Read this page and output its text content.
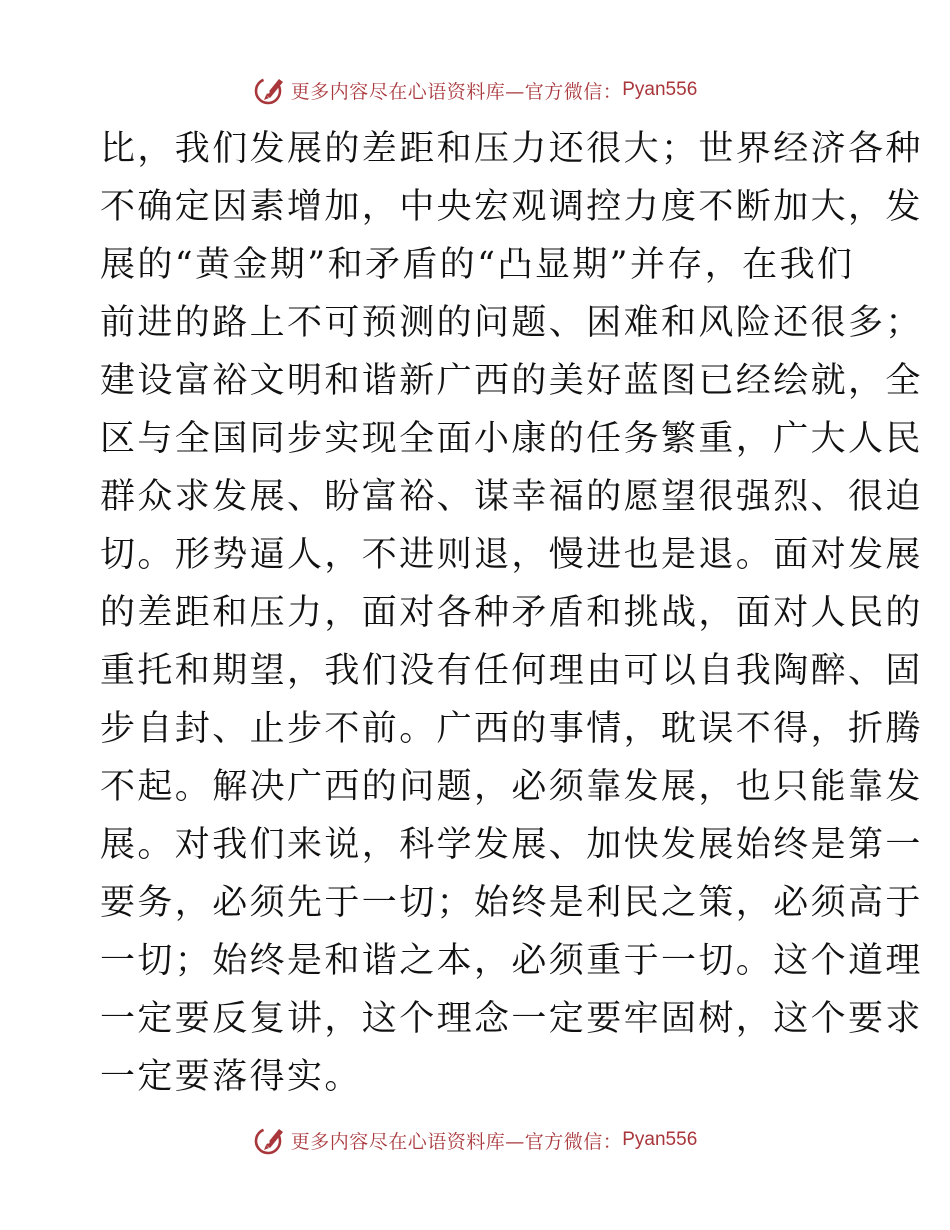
更多内容尽在心语资料库—官方微信： Pyan556
比，我们发展的差距和压力还很大；世界经济各种
不确定因素增加，中央宏观调控力度不断加大，发
展的“黄金期”和矛盾的“凸显期”并存，在我们
前进的路上不可预测的问题、困难和风险还很多；
建设富裕文明和谐新广西的美好蓝图已经绘就，全
区与全国同步实现全面小康的任务繁重，广大人民
群众求发展、盼富裕、谋幸福的愿望很强烈、很迫
切。形势逼人，不进则退，慢进也是退。面对发展
的差距和压力，面对各种矛盾和挑战，面对人民的
重托和期望，我们没有任何理由可以自我陶醉、固
步自封、止步不前。广西的事情，耽误不得，折腾
不起。解决广西的问题，必须靠发展，也只能靠发
展。对我们来说，科学发展、加快发展始终是第一
要务，必须先于一切；始终是利民之策，必须高于
一切；始终是和谐之本，必须重于一切。这个道理
一定要反复讲，这个理念一定要牢固树，这个要求
一定要落得实。
更多内容尽在心语资料库—官方微信： Pyan556
